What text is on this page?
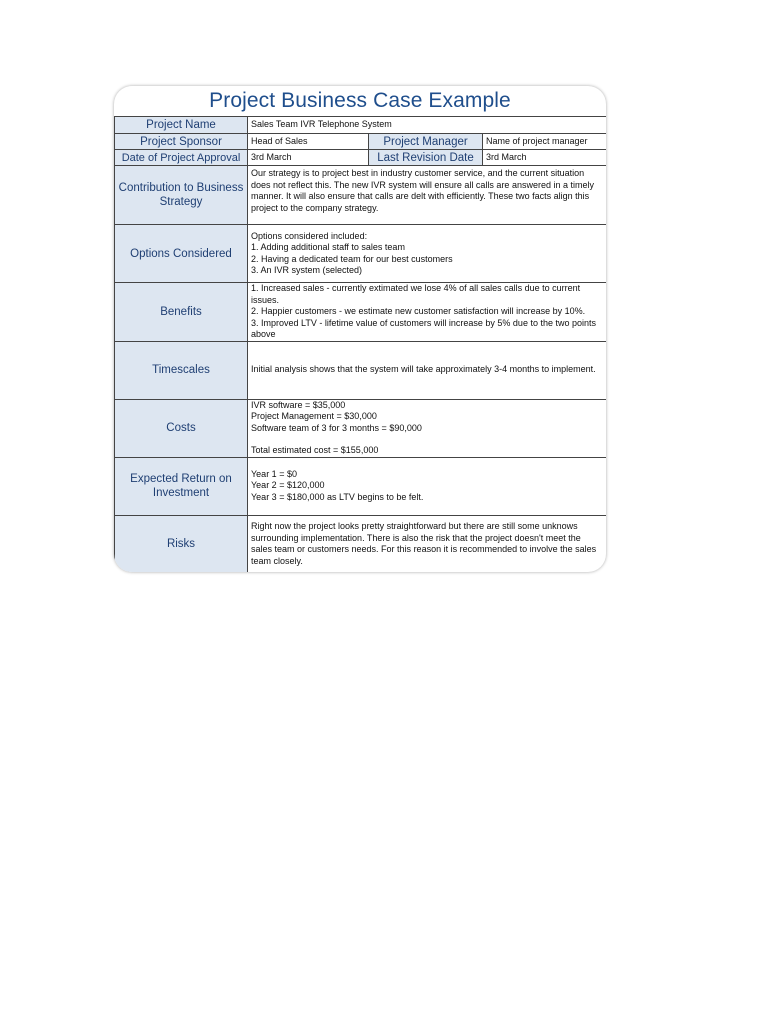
Project Business Case Example
Project Name	Sales Team IVR Telephone System		
Project Sponsor	Head of Sales	Project Manager	Name of project manager
Date of Project Approval	3rd March	Last Revision Date	3rd March
Contribution to Business Strategy	Our strategy is to project best in industry customer service, and the current situation does not reflect this. The new IVR system will ensure all calls are answered in a timely manner. It will also ensure that calls are delt with efficiently. These two facts align this project to the company strategy.		
Options Considered	Options considered included:
1. Adding additional staff to sales team
2. Having a dedicated team for our best customers
3. An IVR system (selected)		
Benefits	1. Increased sales - currently extimated we lose 4% of all sales calls due to current issues.
2. Happier customers - we estimate new customer satisfaction will increase by 10%.
3. Improved LTV - lifetime value of customers will increase by 5% due to the two points above		
Timescales	Initial analysis shows that the system will take approximately 3-4 months to implement.		
Costs	IVR software = $35,000
Project Management = $30,000
Software team of 3 for 3 months = $90,000
Total estimated cost = $155,000		

Expected Return on Investment	Year 1 = $0
Year 2 = $120,000
Year 3 = $180,000 as LTV begins to be felt.		
Risks	Right now the project looks pretty straightforward but there are still some unknows surrounding implementation. There is also the risk that the project doesn't meet the sales team or customers needs. For this reason it is recommended to involve the sales team closely.		
